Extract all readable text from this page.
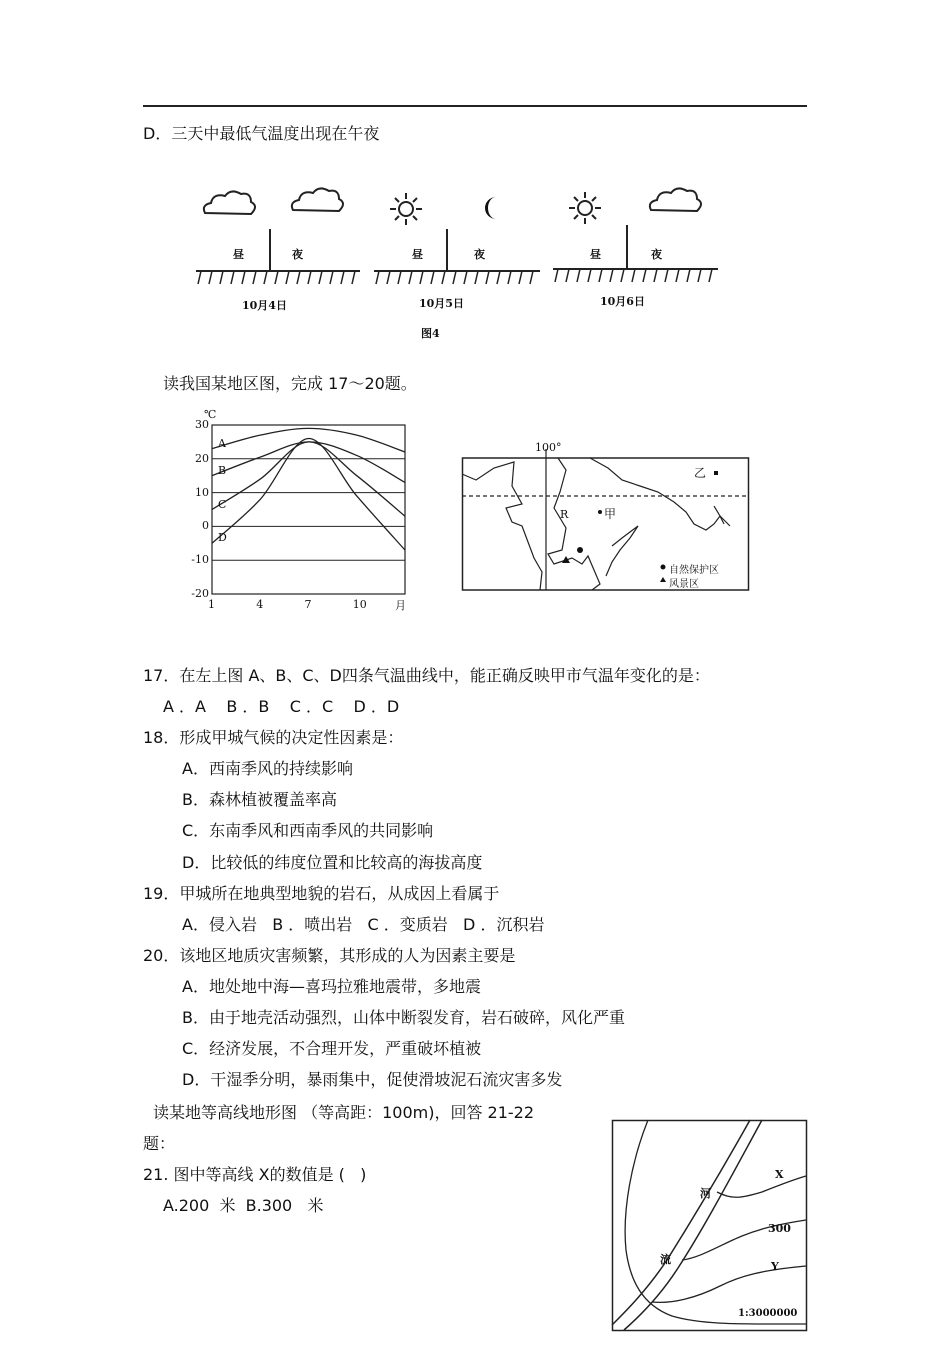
D．三天中最低气温度出现在午夜
昼	夜
10月4日
昼	夜
10月5日
昼	夜
10月6日
图4
读我国某地区图，完成 17～20题。
℃
月
30
20
10
0
-10
-20
1	4	7	10
A
B
C
D
100°
乙
甲
R
自然保护区
风景区
17．在左上图 A、B、C、D四条气温曲线中，能正确反映甲市气温年变化的是：
A ．A    B ．B    C ．C    D ．D
18．形成甲城气候的决定性因素是：
A．西南季风的持续影响
B．森林植被覆盖率高
C．东南季风和西南季风的共同影响
D．比较低的纬度位置和比较高的海拔高度
19．甲城所在地典型地貌的岩石，从成因上看属于
A．侵入岩   B ．喷出岩   C ．变质岩   D ．沉积岩
20．该地区地质灾害频繁，其形成的人为因素主要是
A．地处地中海—喜玛拉雅地震带，多地震
B．由于地壳活动强烈，山体中断裂发育，岩石破碎，风化严重
C．经济发展，不合理开发，严重破坏植被
D．干湿季分明，暴雨集中，促使滑坡泥石流灾害多发
读某地等高线地形图 （等高距：100m)，回答 21-22
题：
21. 图中等高线 X的数值是 (   )
A.200  米  B.300   米
X
300
Y
河
流
1:3000000
